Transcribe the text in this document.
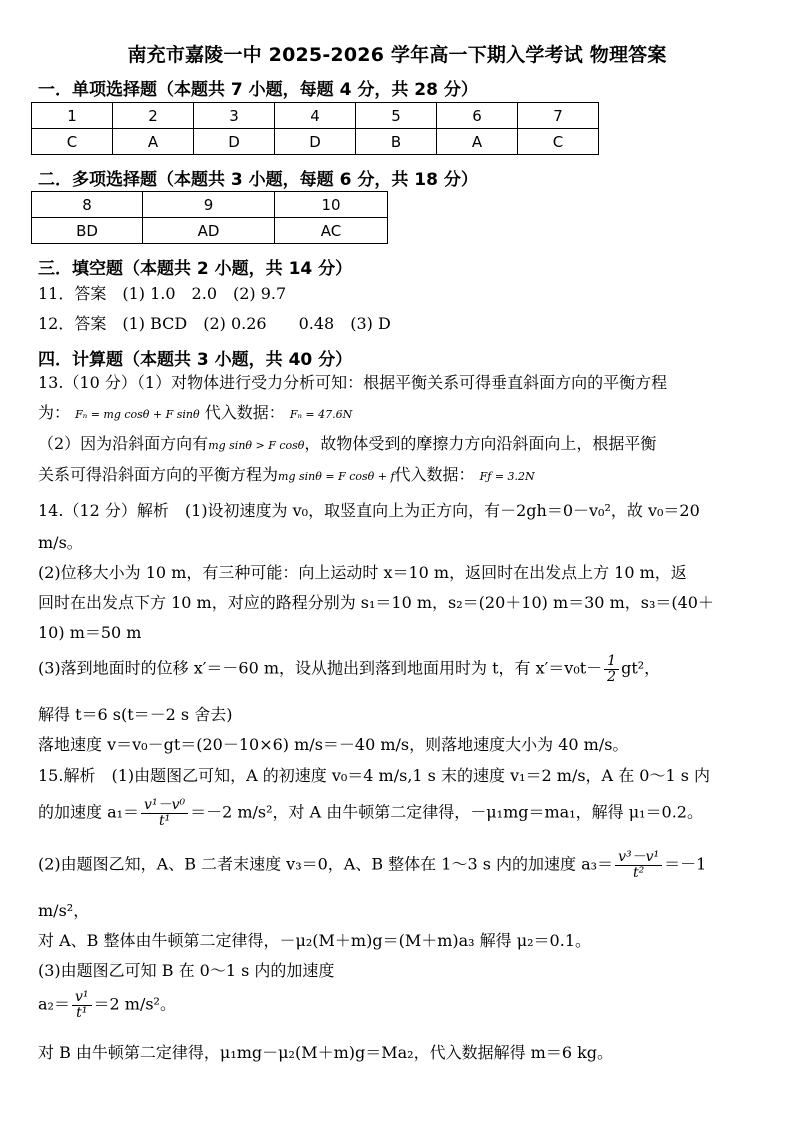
南充市嘉陵一中 2025-2026 学年高一下期入学考试 物理答案
一．单项选择题（本题共 7 小题，每题 4 分，共 28 分）
1	2	3	4	5	6	7
C	A	D	D	B	A	C
二．多项选择题（本题共 3 小题，每题 6 分，共 18 分）
8	9	10
BD	AD	AC
三．填空题（本题共 2 小题，共 14 分）
11．答案　(1) 1.0　2.0　(2) 9.7
12．答案　(1) BCD　(2) 0.26　　0.48　(3) D
四．计算题（本题共 3 小题，共 40 分）
13.（10 分）（1）对物体进行受力分析可知：根据平衡关系可得垂直斜面方向的平衡方程
为： Fₙ = mg cosθ + F sinθ 代入数据： Fₙ = 47.6N
（2）因为沿斜面方向有mg sinθ > F cosθ，故物体受到的摩擦力方向沿斜面向上，根据平衡
关系可得沿斜面方向的平衡方程为mg sinθ = F cosθ + f代入数据： Fƒ = 3.2N
14.（12 分）解析　(1)设初速度为 v₀，取竖直向上为正方向，有－2gh＝0－v₀²，故 v₀＝20
m/s。
(2)位移大小为 10 m，有三种可能：向上运动时 x＝10 m，返回时在出发点上方 10 m，返
回时在出发点下方 10 m，对应的路程分别为 s₁＝10 m，s₂＝(20＋10) m＝30 m，s₃＝(40＋
10) m＝50 m
(3)落到地面时的位移 x′＝－60 m，设从抛出到落到地面用时为 t，有 $x'=v_0t- \frac{1}{2} gt^2$，
解得 t＝6 s(t＝－2 s 舍去)
落地速度 v＝v₀－gt＝(20－10×6) m/s＝－40 m/s，则落地速度大小为 40 m/s。
15.解析　(1)由题图乙可知，A 的初速度 v₀＝4 m/s,1 s 末的速度 v₁＝2 m/s，A 在 0～1 s 内
的加速度 $a_1= \frac{\text{v¹－v⁰}}{\text{t¹}} =-2$ m/s²，对 A 由牛顿第二定律得，－μ₁mg＝ma₁，解得 μ₁＝0.2。
(2)由题图乙知，A、B 二者末速度 v₃＝0，A、B 整体在 1～3 s 内的加速度 $a_3= \frac{\text{v³－v¹}}{\text{t²}} =-1$
m/s²，
对 A、B 整体由牛顿第二定律得，－μ₂(M＋m)g＝(M＋m)a₃ 解得 μ₂＝0.1。
(3)由题图乙可知 B 在 0～1 s 内的加速度
$a_2= \frac{\text{v¹}}{\text{t¹}} =2$ m/s²。
对 B 由牛顿第二定律得，μ₁mg－μ₂(M＋m)g＝Ma₂，代入数据解得 m＝6 kg。
